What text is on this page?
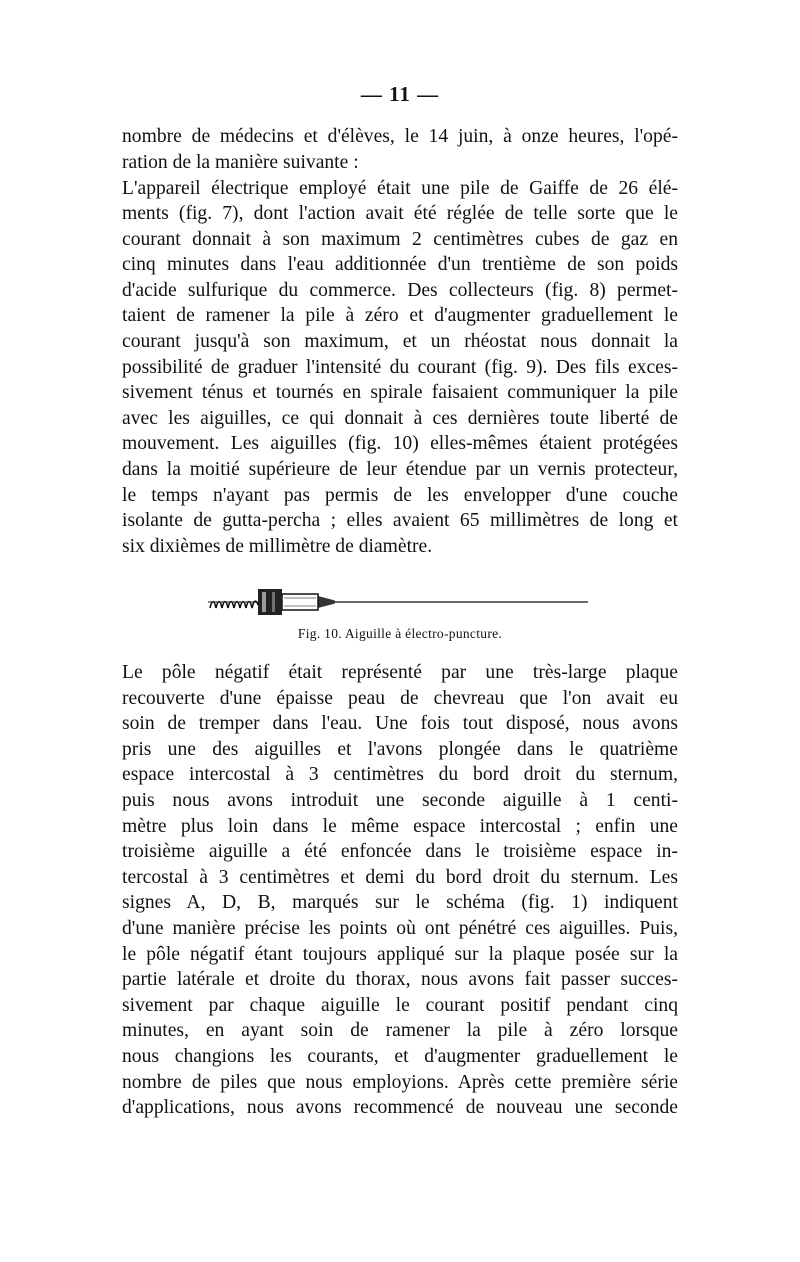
— 11 —
nombre de médecins et d'élèves, le 14 juin, à onze heures, l'opé-
ration de la manière suivante :
L'appareil électrique employé était une pile de Gaiffe de 26 élé-
ments (fig. 7), dont l'action avait été réglée de telle sorte que le
courant donnait à son maximum 2 centimètres cubes de gaz en
cinq minutes dans l'eau additionnée d'un trentième de son poids
d'acide sulfurique du commerce. Des collecteurs (fig. 8) permet-
taient de ramener la pile à zéro et d'augmenter graduellement le
courant jusqu'à son maximum, et un rhéostat nous donnait la
possibilité de graduer l'intensité du courant (fig. 9). Des fils exces-
sivement ténus et tournés en spirale faisaient communiquer la pile
avec les aiguilles, ce qui donnait à ces dernières toute liberté de
mouvement. Les aiguilles (fig. 10) elles-mêmes étaient protégées
dans la moitié supérieure de leur étendue par un vernis protecteur,
le temps n'ayant pas permis de les envelopper d'une couche
isolante de gutta-percha ; elles avaient 65 millimètres de long et
six dixièmes de millimètre de diamètre.
Fig. 10. Aiguille à électro-puncture.
Le pôle négatif était représenté par une très-large plaque
recouverte d'une épaisse peau de chevreau que l'on avait eu
soin de tremper dans l'eau. Une fois tout disposé, nous avons
pris une des aiguilles et l'avons plongée dans le quatrième
espace intercostal à 3 centimètres du bord droit du sternum,
puis nous avons introduit une seconde aiguille à 1 centi-
mètre plus loin dans le même espace intercostal ; enfin une
troisième aiguille a été enfoncée dans le troisième espace in-
tercostal à 3 centimètres et demi du bord droit du sternum. Les
signes A, D, B, marqués sur le schéma (fig. 1) indiquent
d'une manière précise les points où ont pénétré ces aiguilles. Puis,
le pôle négatif étant toujours appliqué sur la plaque posée sur la
partie latérale et droite du thorax, nous avons fait passer succes-
sivement par chaque aiguille le courant positif pendant cinq
minutes, en ayant soin de ramener la pile à zéro lorsque
nous changions les courants, et d'augmenter graduellement le
nombre de piles que nous employions. Après cette première série
d'applications, nous avons recommencé de nouveau une seconde
